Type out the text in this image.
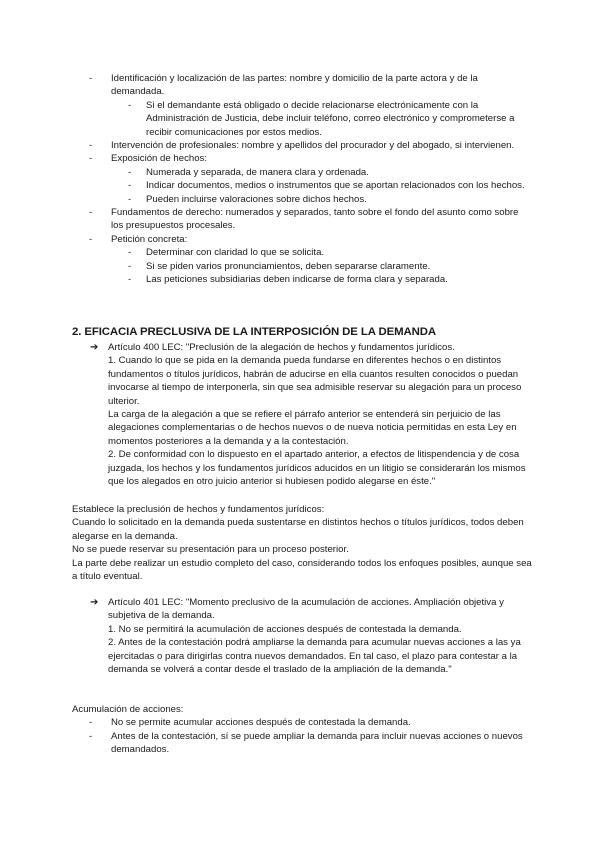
- Identificación y localización de las partes: nombre y domicilio de la parte actora y de la demandada.
- Si el demandante está obligado o decide relacionarse electrónicamente con la Administración de Justicia, debe incluir teléfono, correo electrónico y comprometerse a recibir comunicaciones por estos medios.
- Intervención de profesionales: nombre y apellidos del procurador y del abogado, si intervienen.
- Exposición de hechos:
- Numerada y separada, de manera clara y ordenada.
- Indicar documentos, medios o instrumentos que se aportan relacionados con los hechos.
- Pueden incluirse valoraciones sobre dichos hechos.
- Fundamentos de derecho: numerados y separados, tanto sobre el fondo del asunto como sobre los presupuestos procesales.
- Petición concreta:
- Determinar con claridad lo que se solicita.
- Si se piden varios pronunciamientos, deben separarse claramente.
- Las peticiones subsidiarias deben indicarse de forma clara y separada.
2. EFICACIA PRECLUSIVA DE LA INTERPOSICIÓN DE LA DEMANDA
➔ Artículo 400 LEC: "Preclusión de la alegación de hechos y fundamentos jurídicos.
1. Cuando lo que se pida en la demanda pueda fundarse en diferentes hechos o en distintos fundamentos o títulos jurídicos, habrán de aducirse en ella cuantos resulten conocidos o puedan invocarse al tiempo de interponerla, sin que sea admisible reservar su alegación para un proceso ulterior.
La carga de la alegación a que se refiere el párrafo anterior se entenderá sin perjuicio de las alegaciones complementarias o de hechos nuevos o de nueva noticia permitidas en esta Ley en momentos posteriores a la demanda y a la contestación.
2. De conformidad con lo dispuesto en el apartado anterior, a efectos de litispendencia y de cosa juzgada, los hechos y los fundamentos jurídicos aducidos en un litigio se considerarán los mismos que los alegados en otro juicio anterior si hubiesen podido alegarse en éste."
Establece la preclusión de hechos y fundamentos jurídicos:
Cuando lo solicitado en la demanda pueda sustentarse en distintos hechos o títulos jurídicos, todos deben alegarse en la demanda.
No se puede reservar su presentación para un proceso posterior.
La parte debe realizar un estudio completo del caso, considerando todos los enfoques posibles, aunque sea a título eventual.
➔ Artículo 401 LEC: "Momento preclusivo de la acumulación de acciones. Ampliación objetiva y subjetiva de la demanda.
1. No se permitirá la acumulación de acciones después de contestada la demanda.
2. Antes de la contestación podrá ampliarse la demanda para acumular nuevas acciones a las ya ejercitadas o para dirigirlas contra nuevos demandados. En tal caso, el plazo para contestar a la demanda se volverá a contar desde el traslado de la ampliación de la demanda."
Acumulación de acciones:
- No se permite acumular acciones después de contestada la demanda.
- Antes de la contestación, sí se puede ampliar la demanda para incluir nuevas acciones o nuevos demandados.
